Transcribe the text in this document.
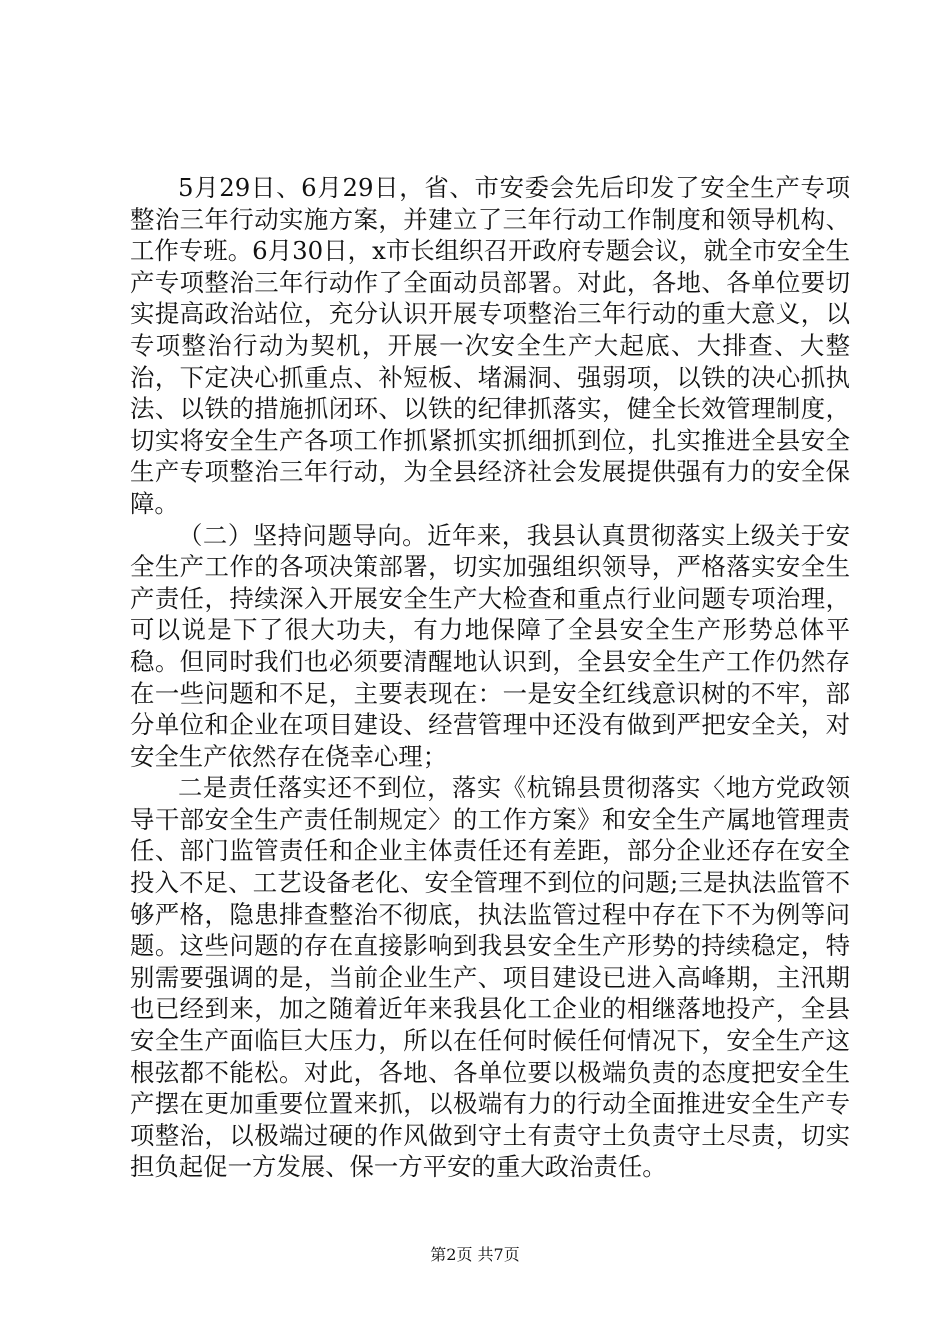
5月29日、6月29日，省、市安委会先后印发了安全生产专项整治三年行动实施方案，并建立了三年行动工作制度和领导机构、工作专班。6月30日，x市长组织召开政府专题会议，就全市安全生产专项整治三年行动作了全面动员部署。对此，各地、各单位要切实提高政治站位，充分认识开展专项整治三年行动的重大意义，以专项整治行动为契机，开展一次安全生产大起底、大排查、大整治，下定决心抓重点、补短板、堵漏洞、强弱项，以铁的决心抓执法、以铁的措施抓闭环、以铁的纪律抓落实，健全长效管理制度，切实将安全生产各项工作抓紧抓实抓细抓到位，扎实推进全县安全生产专项整治三年行动，为全县经济社会发展提供强有力的安全保障。

（二）坚持问题导向。近年来，我县认真贯彻落实上级关于安全生产工作的各项决策部署，切实加强组织领导，严格落实安全生产责任，持续深入开展安全生产大检查和重点行业问题专项治理，可以说是下了很大功夫，有力地保障了全县安全生产形势总体平稳。但同时我们也必须要清醒地认识到，全县安全生产工作仍然存在一些问题和不足，主要表现在：一是安全红线意识树的不牢，部分单位和企业在项目建设、经营管理中还没有做到严把安全关，对安全生产依然存在侥幸心理；

二是责任落实还不到位，落实《杭锦县贯彻落实〈地方党政领导干部安全生产责任制规定〉的工作方案》和安全生产属地管理责任、部门监管责任和企业主体责任还有差距，部分企业还存在安全投入不足、工艺设备老化、安全管理不到位的问题;三是执法监管不够严格，隐患排查整治不彻底，执法监管过程中存在下不为例等问题。这些问题的存在直接影响到我县安全生产形势的持续稳定，特别需要强调的是，当前企业生产、项目建设已进入高峰期，主汛期也已经到来，加之随着近年来我县化工企业的相继落地投产，全县安全生产面临巨大压力，所以在任何时候任何情况下，安全生产这根弦都不能松。对此，各地、各单位要以极端负责的态度把安全生产摆在更加重要位置来抓，以极端有力的行动全面推进安全生产专项整治，以极端过硬的作风做到守土有责守土负责守土尽责，切实担负起促一方发展、保一方平安的重大政治责任。

第2页 共7页
